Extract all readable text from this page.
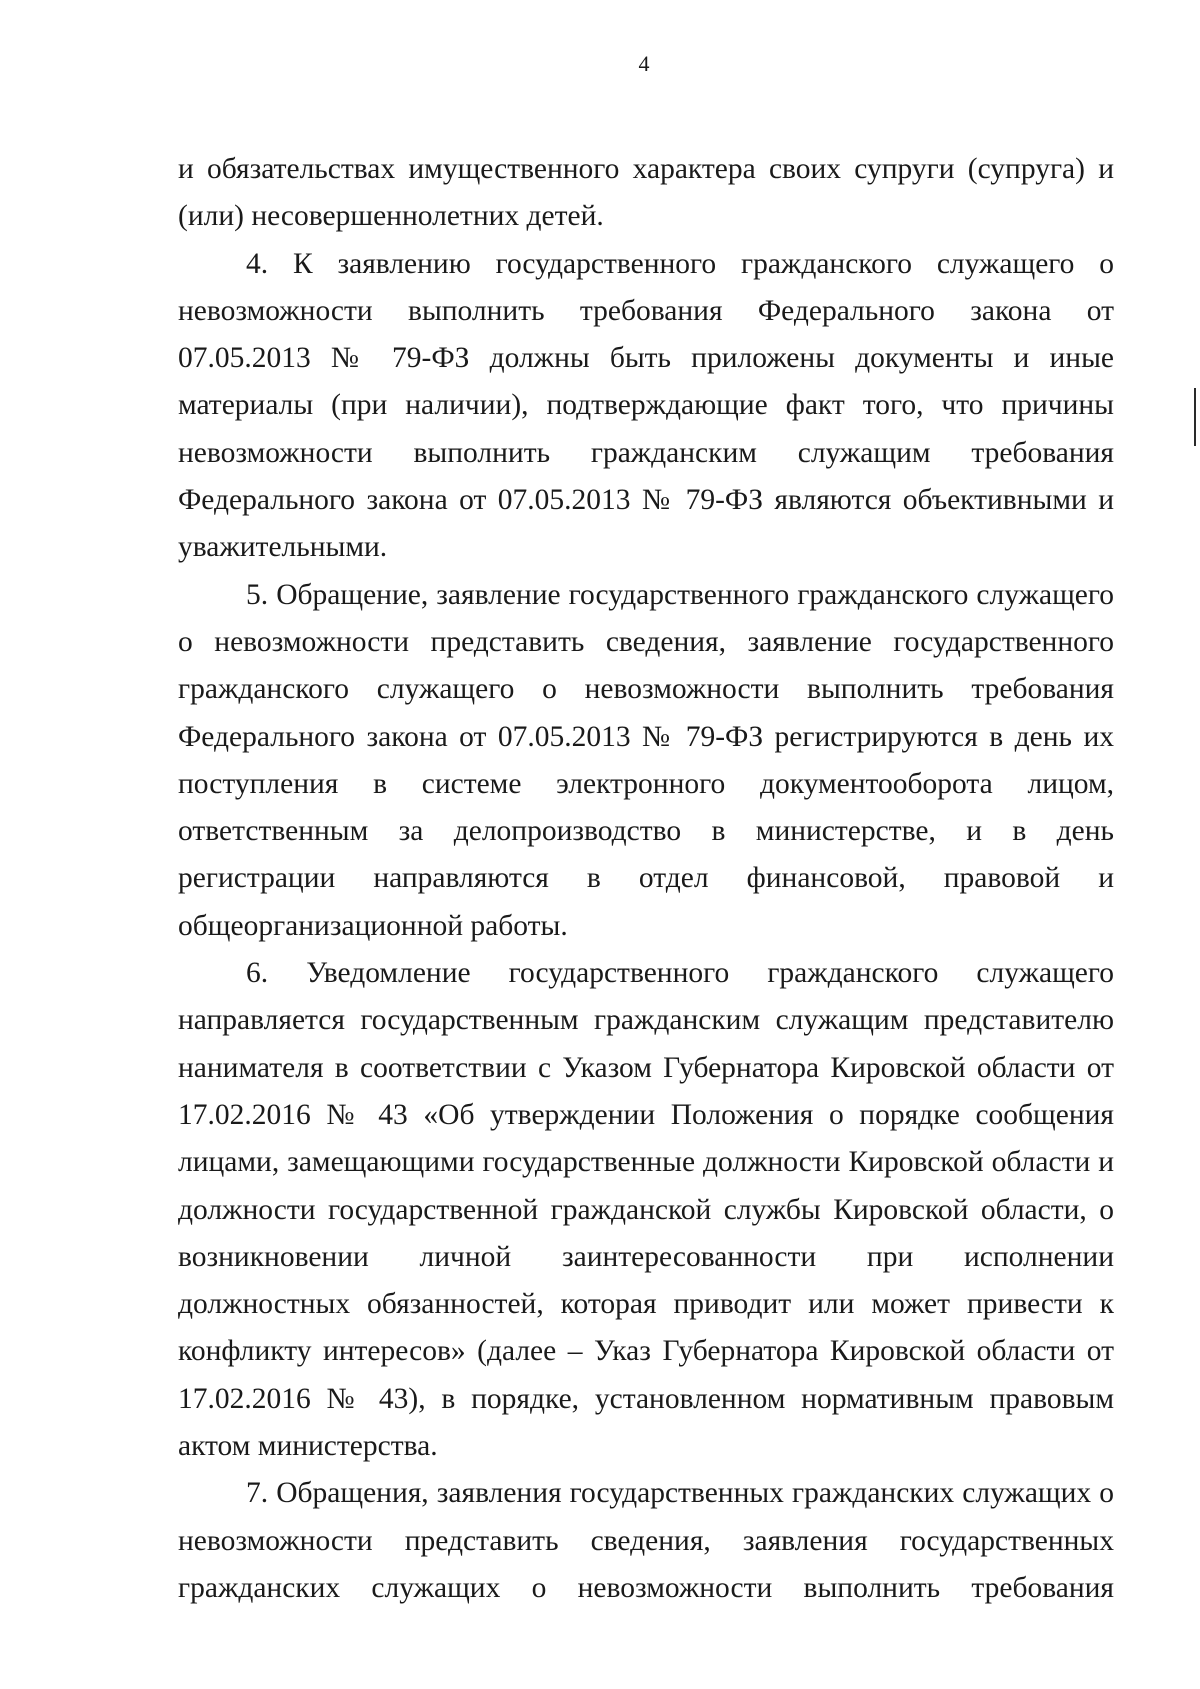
4

и обязательствах имущественного характера своих супруги (супруга) и (или) несовершеннолетних детей.

4. К заявлению государственного гражданского служащего о невозможности выполнить требования Федерального закона от 07.05.2013 № 79-ФЗ должны быть приложены документы и иные материалы (при наличии), подтверждающие факт того, что причины невозможности выполнить гражданским служащим требования Федерального закона от 07.05.2013 № 79-ФЗ являются объективными и уважительными.

5. Обращение, заявление государственного гражданского служащего о невозможности представить сведения, заявление государственного гражданского служащего о невозможности выполнить требования Федерального закона от 07.05.2013 № 79-ФЗ регистрируются в день их поступления в системе электронного документооборота лицом, ответственным за делопроизводство в министерстве, и в день регистрации направляются в отдел финансовой, правовой и общеорганизационной работы.

6. Уведомление государственного гражданского служащего направляется государственным гражданским служащим представителю нанимателя в соответствии с Указом Губернатора Кировской области от 17.02.2016 № 43 «Об утверждении Положения о порядке сообщения лицами, замещающими государственные должности Кировской области и должности государственной гражданской службы Кировской области, о возникновении личной заинтересованности при исполнении должностных обязанностей, которая приводит или может привести к конфликту интересов» (далее – Указ Губернатора Кировской области от 17.02.2016 № 43), в порядке, установленном нормативным правовым актом министерства.

7. Обращения, заявления государственных гражданских служащих о невозможности представить сведения, заявления государственных гражданских служащих о невозможности выполнить требования
